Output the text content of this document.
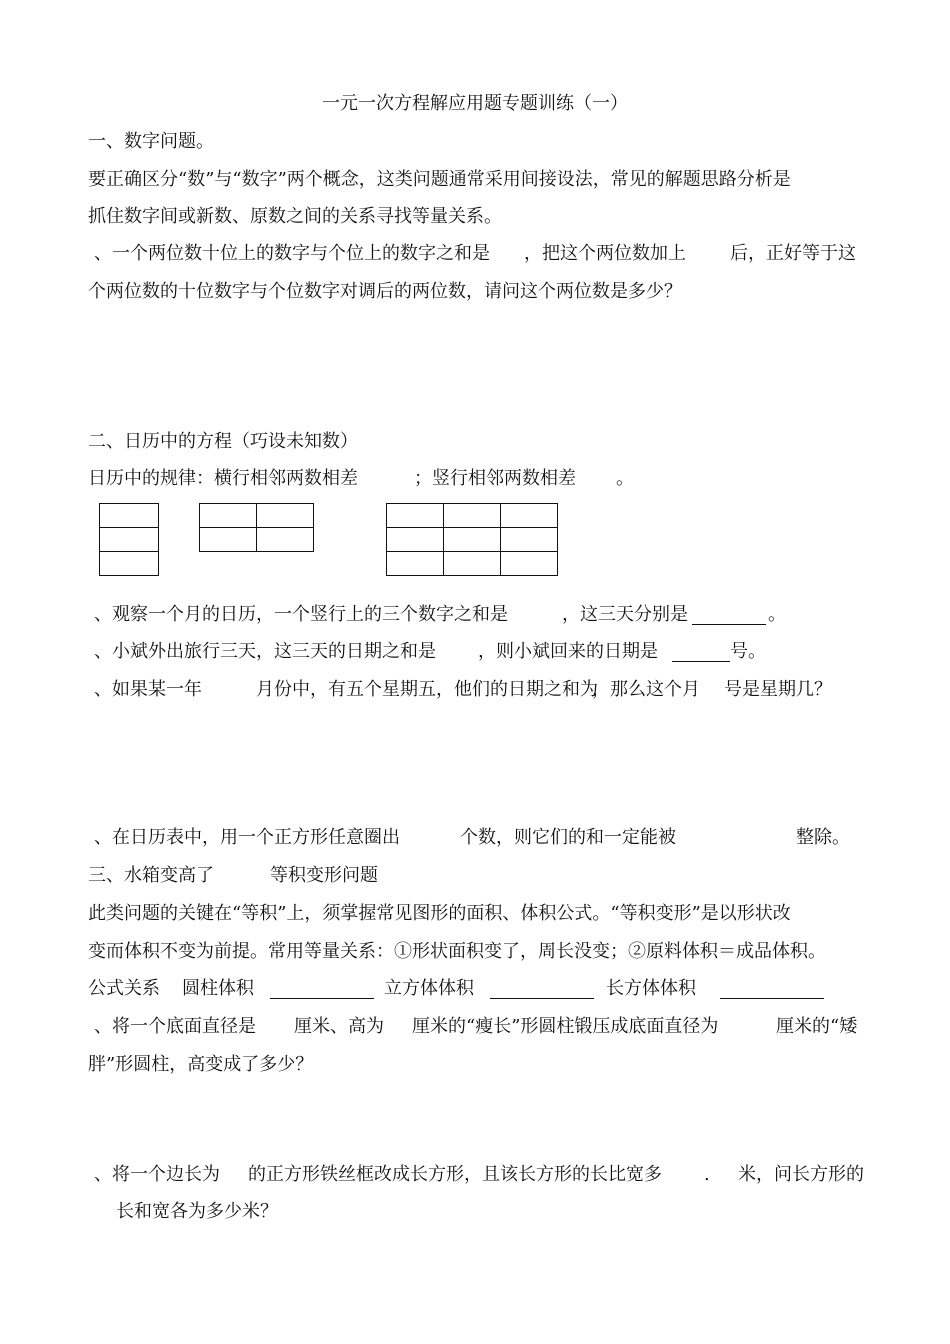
一元一次方程解应用题专题训练（一）
一、数字问题。
要正确区分“数”与“数字”两个概念，这类问题通常采用间接设法，常见的解题思路分析是
抓住数字间或新数、原数之间的关系寻找等量关系。
、一个两位数十位上的数字与个位上的数字之和是 ，把这个两位数加上 后，正好等于这
个两位数的十位数字与个位数字对调后的两位数，请问这个两位数是多少？
二、日历中的方程（巧设未知数）
日历中的规律：横行相邻两数相差	；竖行相邻两数相差 。

、观察一个月的日历，一个竖行上的三个数字之和是	，这三天分别是	。
、小斌外出旅行三天，这三天的日期之和是 ，则小斌回来的日期是	号。
、如果某一年	月份中，有五个星期五，他们的日期之和为
，那么这个月 号是星期几？
、在日历表中，用一个正方形任意圈出	个数，则它们的和一定能被	整除。
三、水箱变高了	等积变形问题
此类问题的关键在“等积”上，须掌握常见图形的面积、体积公式。“等积变形”是以形状改
变而体积不变为前提。常用等量关系：①形状面积变了，周长没变；②原料体积＝成品体积。
公式关系 圆柱体积	立方体体积	长方体体积
、将一个底面直径是 厘米、高为 厘米的“瘦长”形圆柱锻压成底面直径为	厘米的“矮
胖”形圆柱，高变成了多少？
、将一个边长为 的正方形铁丝框改成长方形，且该长方形的长比宽多 . 米，问长方形的
长和宽各为多少米？
